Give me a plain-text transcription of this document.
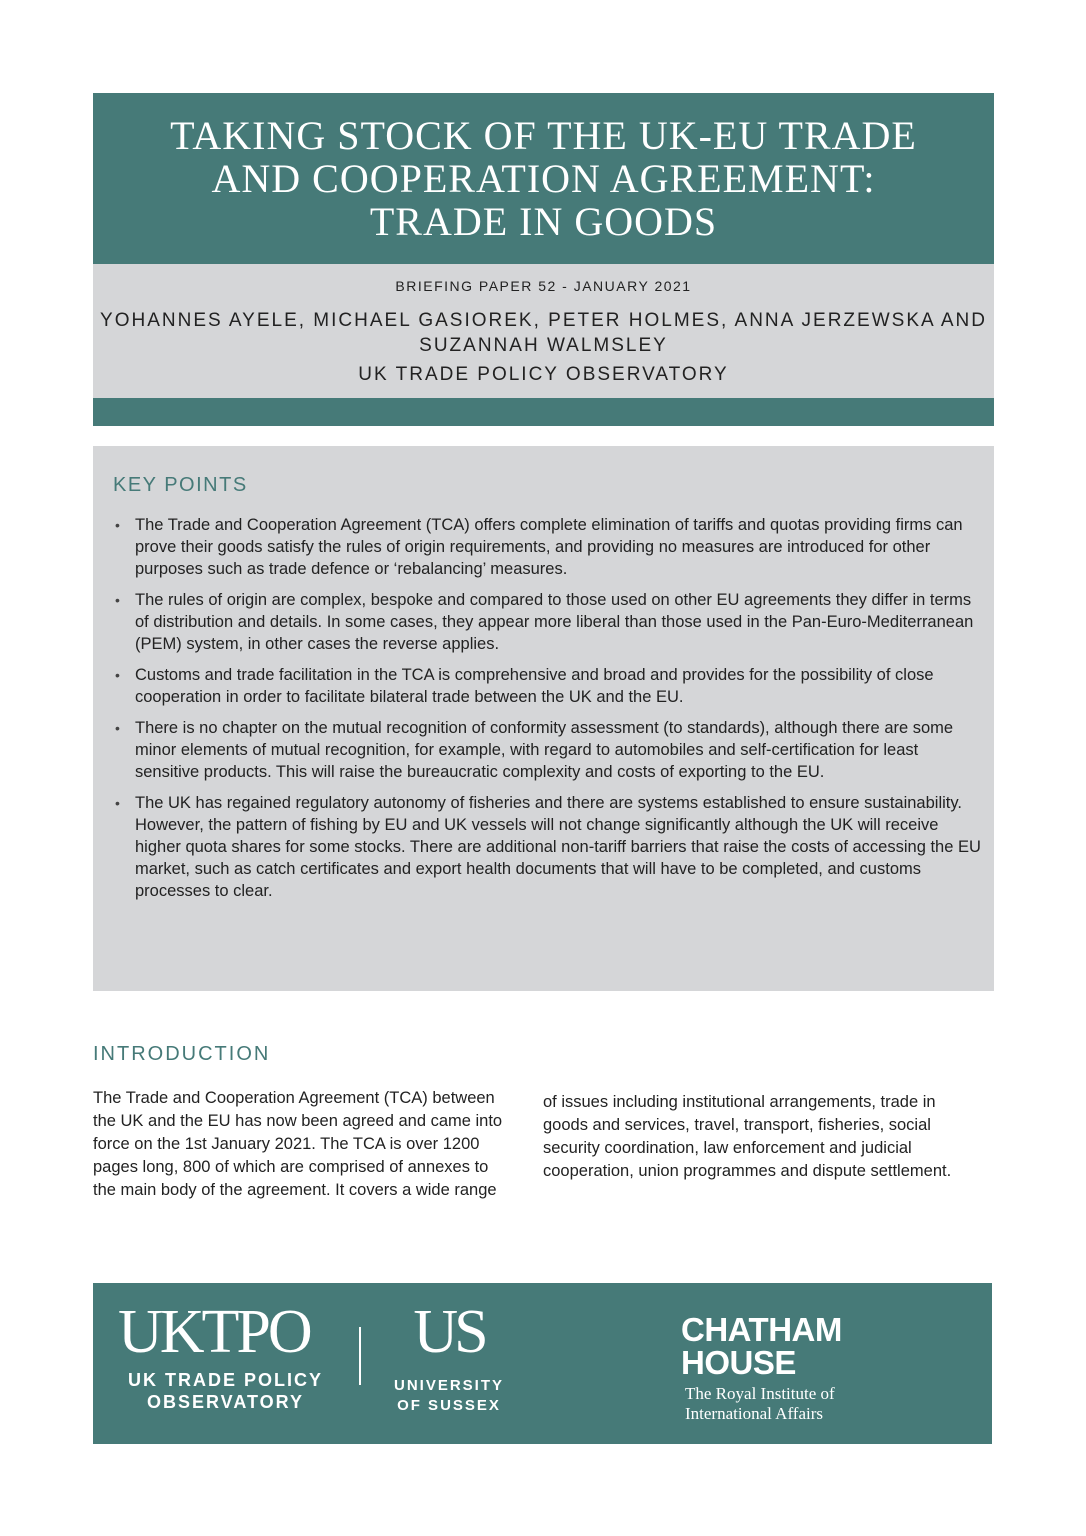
TAKING STOCK OF THE UK-EU TRADE AND COOPERATION AGREEMENT: TRADE IN GOODS
BRIEFING PAPER 52 - JANUARY 2021
YOHANNES AYELE, MICHAEL GASIOREK, PETER HOLMES, ANNA JERZEWSKA AND SUZANNAH WALMSLEY
UK TRADE POLICY OBSERVATORY
KEY POINTS
• The Trade and Cooperation Agreement (TCA) offers complete elimination of tariffs and quotas providing firms can prove their goods satisfy the rules of origin requirements, and providing no measures are introduced for other purposes such as trade defence or ‘rebalancing’ measures.
• The rules of origin are complex, bespoke and compared to those used on other EU agreements they differ in terms of distribution and details. In some cases, they appear more liberal than those used in the Pan-Euro-Mediterranean (PEM) system, in other cases the reverse applies.
• Customs and trade facilitation in the TCA is comprehensive and broad and provides for the possibility of close cooperation in order to facilitate bilateral trade between the UK and the EU.
• There is no chapter on the mutual recognition of conformity assessment (to standards), although there are some minor elements of mutual recognition, for example, with regard to automobiles and self-certification for least sensitive products. This will raise the bureaucratic complexity and costs of exporting to the EU.
• The UK has regained regulatory autonomy of fisheries and there are systems established to ensure sustainability. However, the pattern of fishing by EU and UK vessels will not change significantly although the UK will receive higher quota shares for some stocks. There are additional non-tariff barriers that raise the costs of accessing the EU market, such as catch certificates and export health documents that will have to be completed, and customs processes to clear.
INTRODUCTION

The Trade and Cooperation Agreement (TCA) between the UK and the EU has now been agreed and came into force on the 1st January 2021. The TCA is over 1200 pages long, 800 of which are comprised of annexes to the main body of the agreement. It covers a wide range

of issues including institutional arrangements, trade in goods and services, travel, transport, fisheries, social security coordination, law enforcement and judicial cooperation, union programmes and dispute settlement.

UKTPO
UK TRADE POLICY
OBSERVATORY
US
UNIVERSITY
OF SUSSEX
CHATHAM
HOUSE
The Royal Institute of
International Affairs
